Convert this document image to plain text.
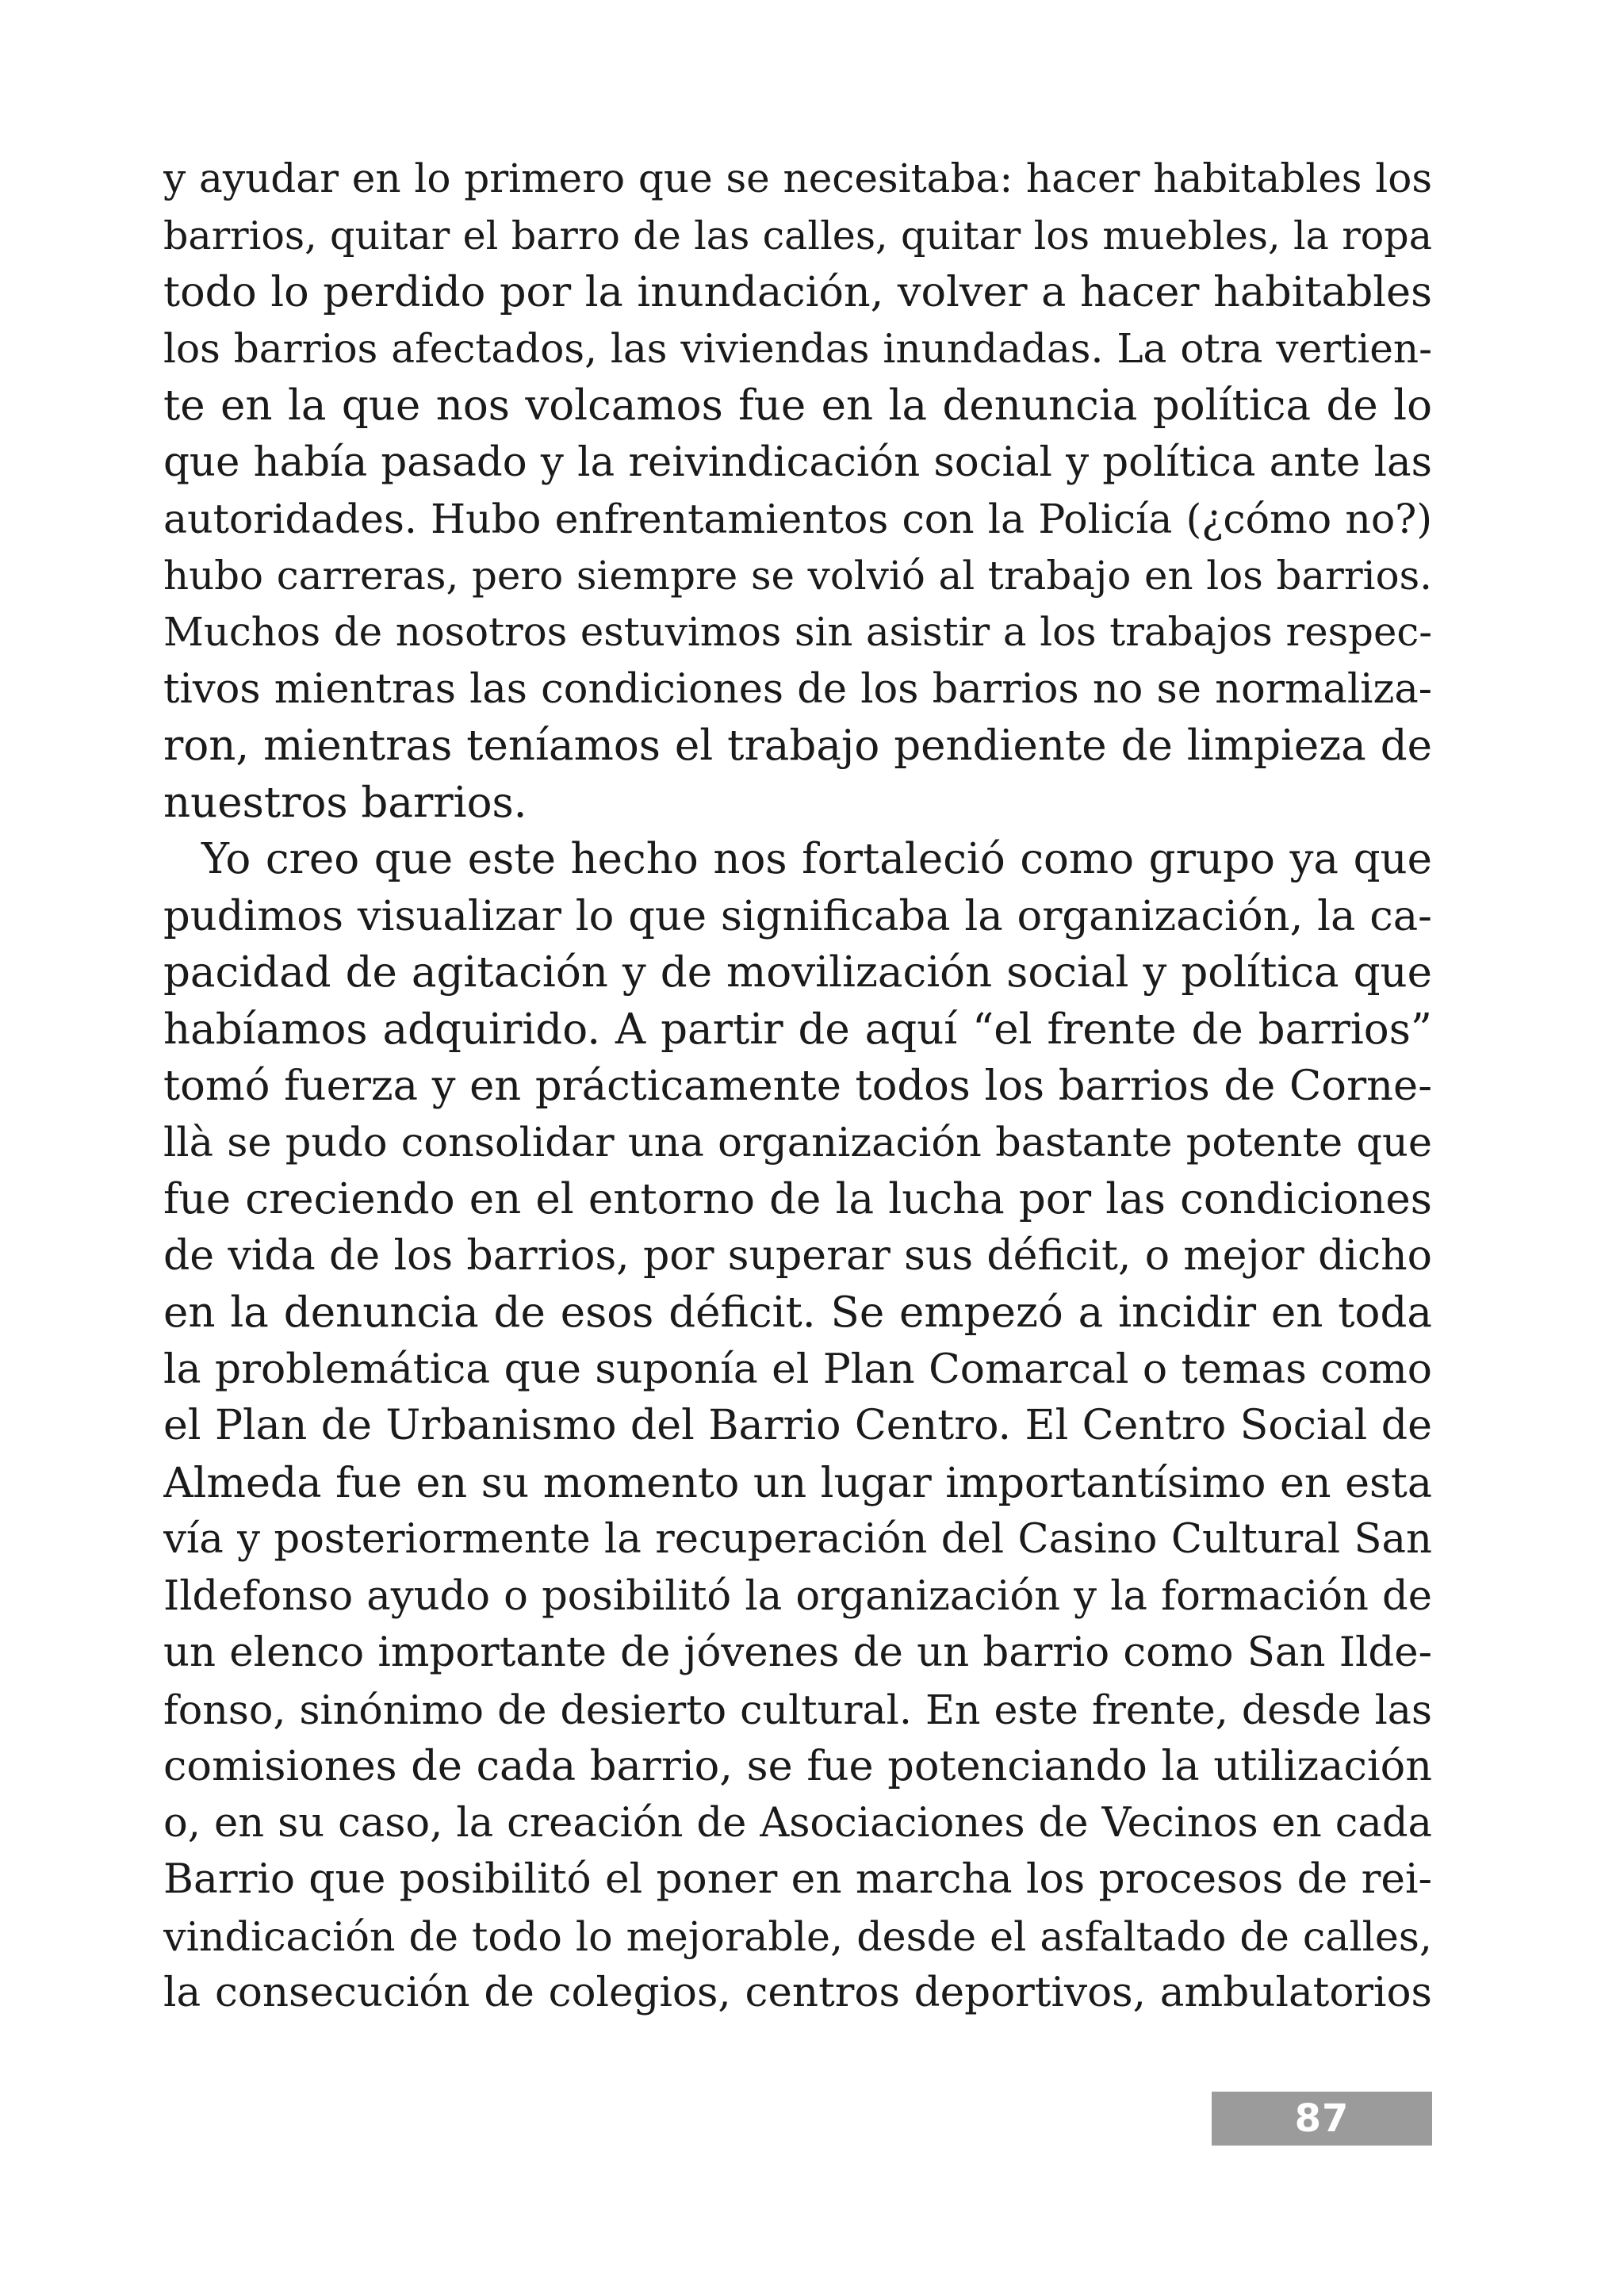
y ayudar en lo primero que se necesitaba: hacer habitables los
barrios, quitar el barro de las calles, quitar los muebles, la ropa
todo lo perdido por la inundación, volver a hacer habitables
los barrios afectados, las viviendas inundadas. La otra vertien-
te en la que nos volcamos fue en la denuncia política de lo
que había pasado y la reivindicación social y política ante las
autoridades. Hubo enfrentamientos con la Policía (¿cómo no?)
hubo carreras, pero siempre se volvió al trabajo en los barrios.
Muchos de nosotros estuvimos sin asistir a los trabajos respec-
tivos mientras las condiciones de los barrios no se normaliza-
ron, mientras teníamos el trabajo pendiente de limpieza de
nuestros barrios.
Yo creo que este hecho nos fortaleció como grupo ya que
pudimos visualizar lo que significaba la organización, la ca-
pacidad de agitación y de movilización social y política que
habíamos adquirido. A partir de aquí “el frente de barrios”
tomó fuerza y en prácticamente todos los barrios de Corne-
llà se pudo consolidar una organización bastante potente que
fue creciendo en el entorno de la lucha por las condiciones
de vida de los barrios, por superar sus déficit, o mejor dicho
en la denuncia de esos déficit. Se empezó a incidir en toda
la problemática que suponía el Plan Comarcal o temas como
el Plan de Urbanismo del Barrio Centro. El Centro Social de
Almeda fue en su momento un lugar importantísimo en esta
vía y posteriormente la recuperación del Casino Cultural San
Ildefonso ayudo o posibilitó la organización y la formación de
un elenco importante de jóvenes de un barrio como San Ilde-
fonso, sinónimo de desierto cultural. En este frente, desde las
comisiones de cada barrio, se fue potenciando la utilización
o, en su caso, la creación de Asociaciones de Vecinos en cada
Barrio que posibilitó el poner en marcha los procesos de rei-
vindicación de todo lo mejorable, desde el asfaltado de calles,
la consecución de colegios, centros deportivos, ambulatorios
87
